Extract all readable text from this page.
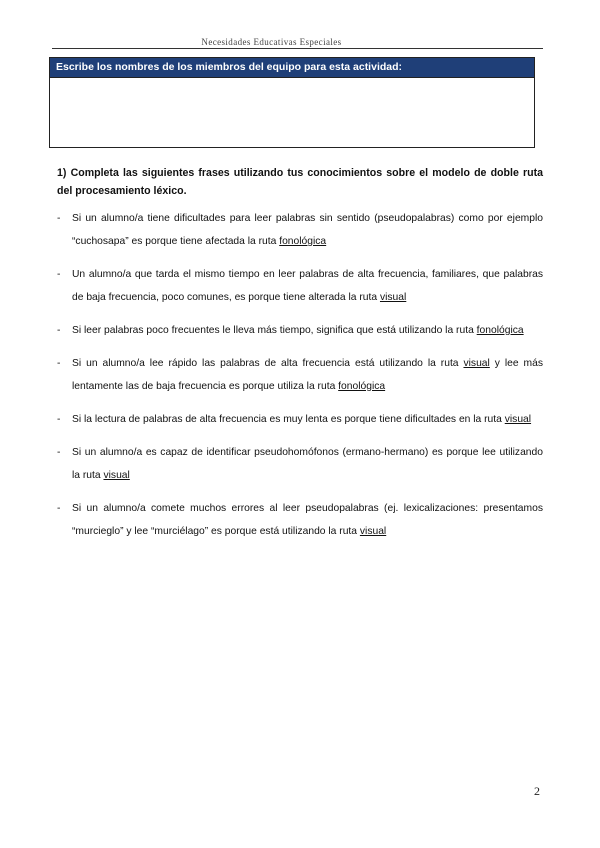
Necesidades Educativas Especiales
Escribe los nombres de los miembros del equipo para esta actividad:
1) Completa las siguientes frases utilizando tus conocimientos sobre el modelo de doble ruta del procesamiento léxico.
- Si un alumno/a tiene dificultades para leer palabras sin sentido (pseudopalabras) como por ejemplo “cuchosapa” es porque tiene afectada la ruta fonológica
- Un alumno/a que tarda el mismo tiempo en leer palabras de alta frecuencia, familiares, que palabras de baja frecuencia, poco comunes, es porque tiene alterada la ruta visual
- Si leer palabras poco frecuentes le lleva más tiempo, significa que está utilizando la ruta fonológica
- Si un alumno/a lee rápido las palabras de alta frecuencia está utilizando la ruta visual y lee más lentamente las de baja frecuencia es porque utiliza la ruta fonológica
- Si la lectura de palabras de alta frecuencia es muy lenta es porque tiene dificultades en la ruta visual
- Si un alumno/a es capaz de identificar pseudohomófonos (ermano-hermano) es porque lee utilizando la ruta visual
- Si un alumno/a comete muchos errores al leer pseudopalabras (ej. lexicalizaciones: presentamos “murcieglo” y lee “murciélago” es porque está utilizando la ruta visual
2
